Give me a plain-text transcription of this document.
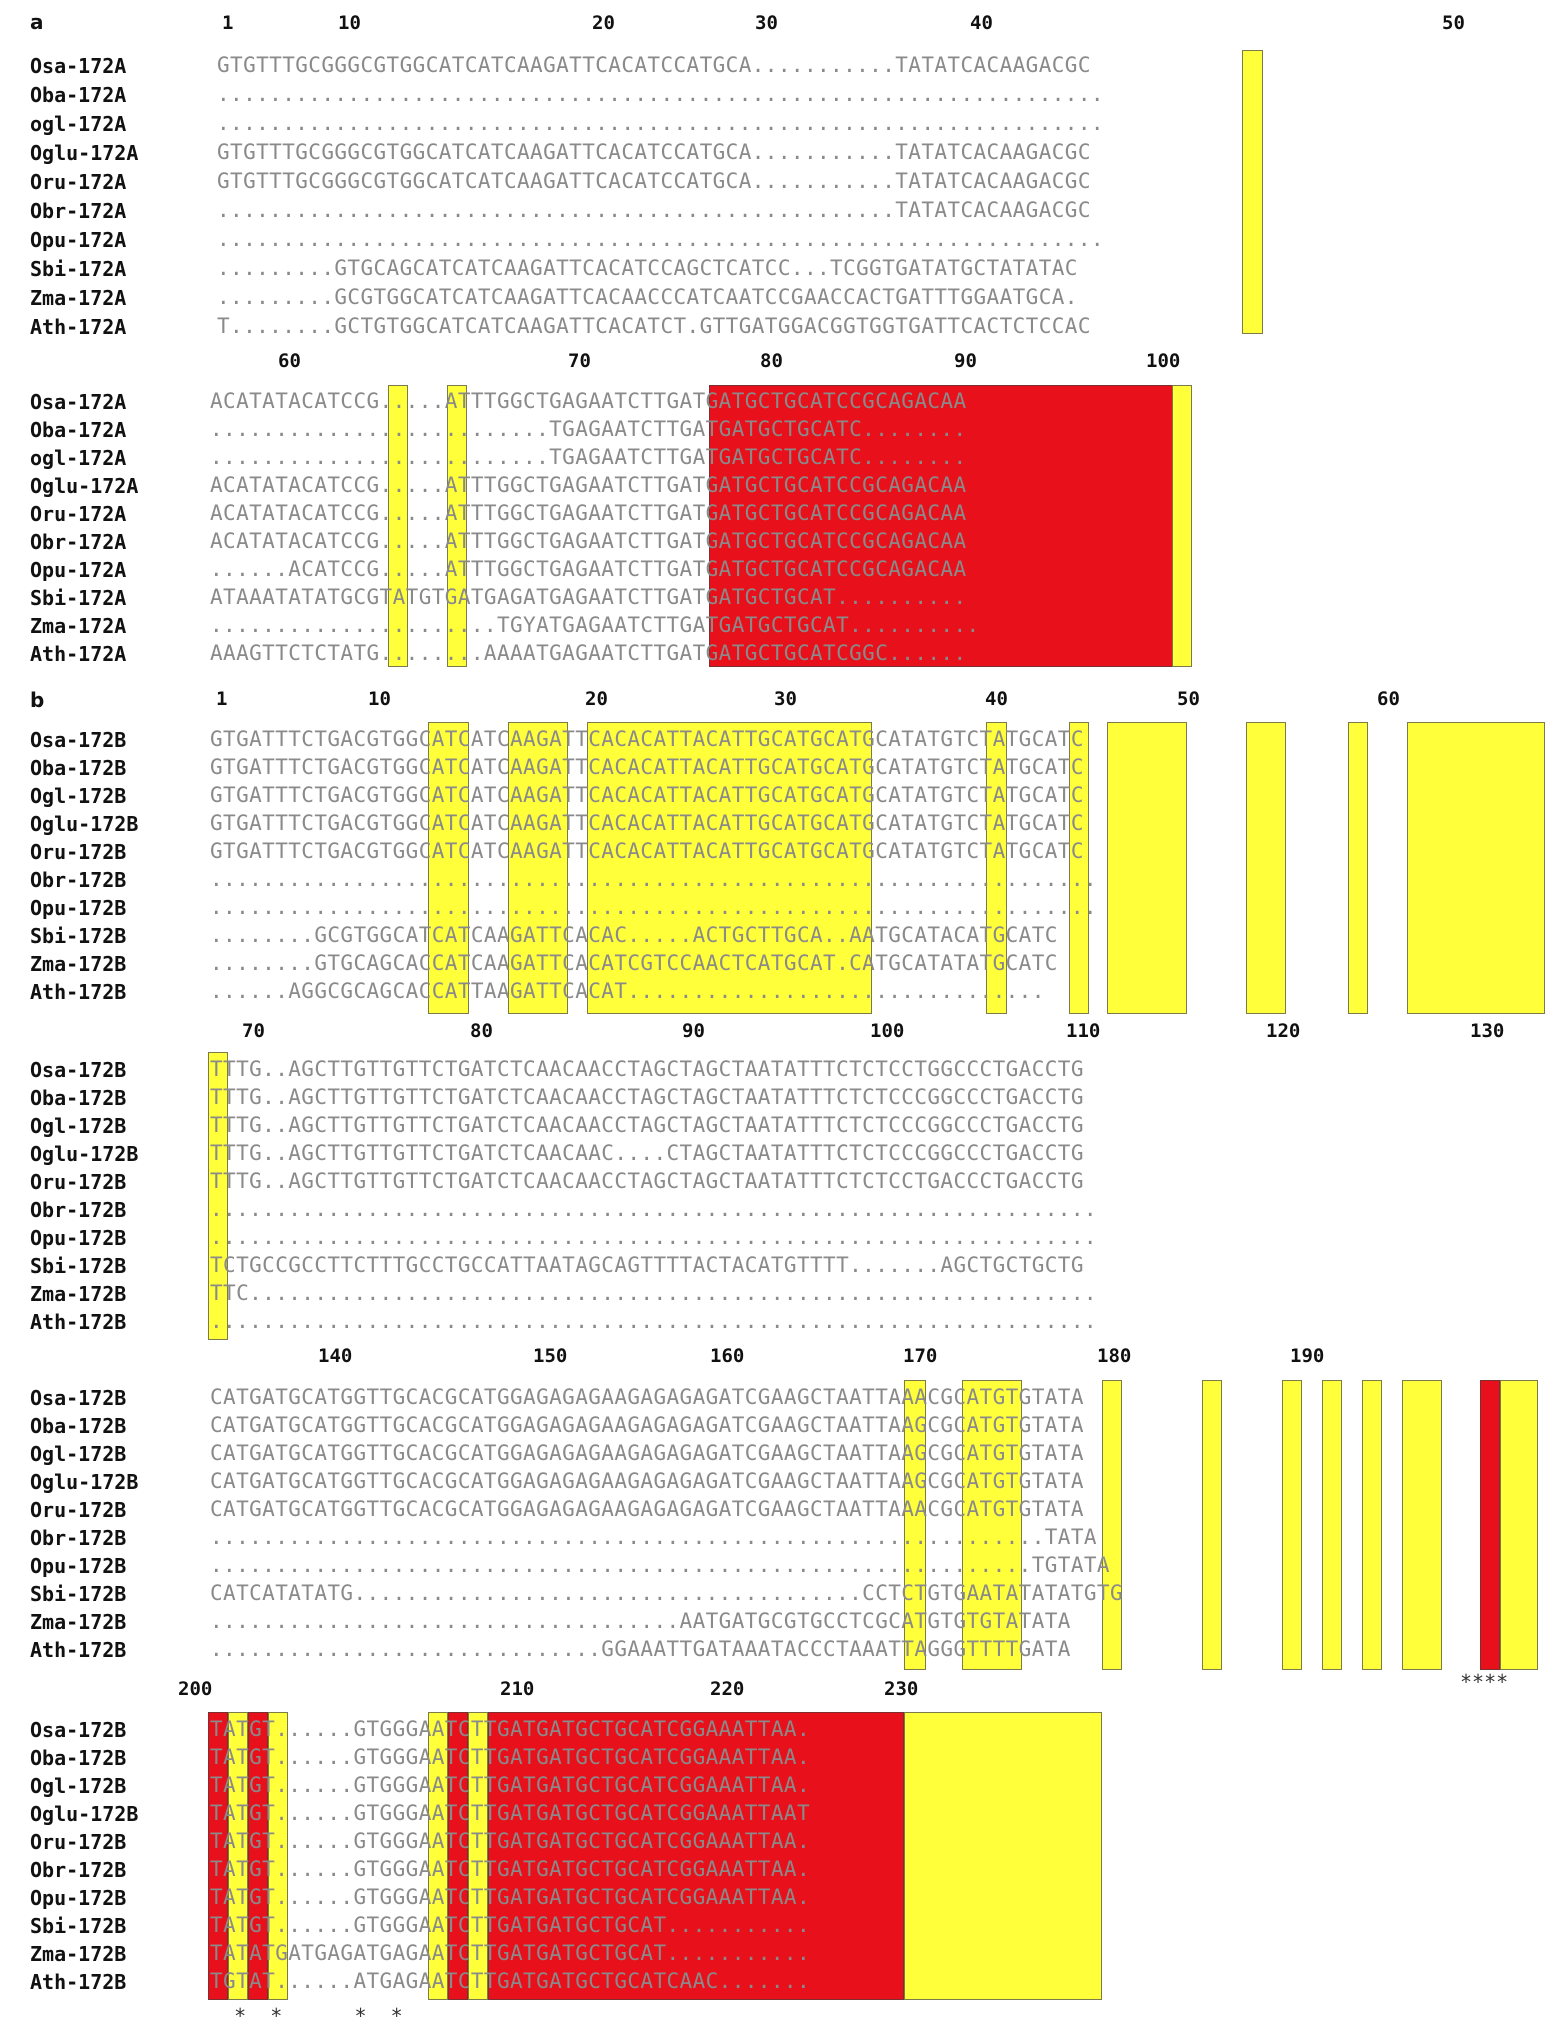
a	1	10	20	30	40	50
Osa-172A	GTGTTTGCGGGCGTGGCATCATCAAGATTCACATCCATGCA...........TATATCACAAGACGC
Oba-172A	....................................................................
ogl-172A	....................................................................
Oglu-172A	GTGTTTGCGGGCGTGGCATCATCAAGATTCACATCCATGCA...........TATATCACAAGACGC
Oru-172A	GTGTTTGCGGGCGTGGCATCATCAAGATTCACATCCATGCA...........TATATCACAAGACGC
Obr-172A	....................................................TATATCACAAGACGC
Opu-172A	....................................................................
Sbi-172A	.........GTGCAGCATCATCAAGATTCACATCCAGCTCATCC...TCGGTGATATGCTATATAC
Zma-172A	.........GCGTGGCATCATCAAGATTCACAACCCATCAATCCGAACCACTGATTTGGAATGCA.
Ath-172A	T........GCTGTGGCATCATCAAGATTCACATCT.GTTGATGGACGGTGGTGATTCACTCTCCAC
60	70	80	90	100
Osa-172A	ACATATACATCCG.....ATTTGGCTGAGAATCTTGATGATGCTGCATCCGCAGACAA
Oba-172A	..........................TGAGAATCTTGATGATGCTGCATC........
ogl-172A	..........................TGAGAATCTTGATGATGCTGCATC........
Oglu-172A	ACATATACATCCG.....ATTTGGCTGAGAATCTTGATGATGCTGCATCCGCAGACAA
Oru-172A	ACATATACATCCG.....ATTTGGCTGAGAATCTTGATGATGCTGCATCCGCAGACAA
Obr-172A	ACATATACATCCG.....ATTTGGCTGAGAATCTTGATGATGCTGCATCCGCAGACAA
Opu-172A	......ACATCCG.....ATTTGGCTGAGAATCTTGATGATGCTGCATCCGCAGACAA
Sbi-172A	ATAAATATATGCGTATGTGATGAGATGAGAATCTTGATGATGCTGCAT..........
Zma-172A	......................TGYATGAGAATCTTGATGATGCTGCAT..........
Ath-172A	AAAGTTCTCTATG........AAAATGAGAATCTTGATGATGCTGCATCGGC......
b	1	10	20	30	40	50	60
Osa-172B	GTGATTTCTGACGTGGCATCATCAAGATTCACACATTACATTGCATGCATGCATATGTCTATGCATC
Oba-172B	GTGATTTCTGACGTGGCATCATCAAGATTCACACATTACATTGCATGCATGCATATGTCTATGCATC
Ogl-172B	GTGATTTCTGACGTGGCATCATCAAGATTCACACATTACATTGCATGCATGCATATGTCTATGCATC
Oglu-172B	GTGATTTCTGACGTGGCATCATCAAGATTCACACATTACATTGCATGCATGCATATGTCTATGCATC
Oru-172B	GTGATTTCTGACGTGGCATCATCAAGATTCACACATTACATTGCATGCATGCATATGTCTATGCATC
Obr-172B	....................................................................
Opu-172B	....................................................................
Sbi-172B	........GCGTGGCATCATCAAGATTCACAC.....ACTGCTTGCA..AATGCATACATGCATC
Zma-172B	........GTGCAGCACCATCAAGATTCACATCGTCCAACTCATGCAT.CATGCATATATGCATC
Ath-172B	......AGGCGCAGCACCATTAAGATTCACAT................................
70	80	90	100	110	120	130
Osa-172B	TTTG..AGCTTGTTGTTCTGATCTCAACAACCTAGCTAGCTAATATTTCTCTCCTGGCCCTGACCTG
Oba-172B	TTTG..AGCTTGTTGTTCTGATCTCAACAACCTAGCTAGCTAATATTTCTCTCCCGGCCCTGACCTG
Ogl-172B	TTTG..AGCTTGTTGTTCTGATCTCAACAACCTAGCTAGCTAATATTTCTCTCCCGGCCCTGACCTG
Oglu-172B	TTTG..AGCTTGTTGTTCTGATCTCAACAAC....CTAGCTAATATTTCTCTCCCGGCCCTGACCTG
Oru-172B	TTTG..AGCTTGTTGTTCTGATCTCAACAACCTAGCTAGCTAATATTTCTCTCCTGACCCTGACCTG
Obr-172B	....................................................................
Opu-172B	....................................................................
Sbi-172B	TCTGCCGCCTTCTTTGCCTGCCATTAATAGCAGTTTTACTACATGTTTT.......AGCTGCTGCTG
Zma-172B	TTC.................................................................
Ath-172B	....................................................................
140	150	160	170	180	190
Osa-172B	CATGATGCATGGTTGCACGCATGGAGAGAGAAGAGAGAGATCGAAGCTAATTAAACGCATGTGTATA
Oba-172B	CATGATGCATGGTTGCACGCATGGAGAGAGAAGAGAGAGATCGAAGCTAATTAAGCGCATGTGTATA
Ogl-172B	CATGATGCATGGTTGCACGCATGGAGAGAGAAGAGAGAGATCGAAGCTAATTAAGCGCATGTGTATA
Oglu-172B	CATGATGCATGGTTGCACGCATGGAGAGAGAAGAGAGAGATCGAAGCTAATTAAGCGCATGTGTATA
Oru-172B	CATGATGCATGGTTGCACGCATGGAGAGAGAAGAGAGAGATCGAAGCTAATTAAACGCATGTGTATA
Obr-172B	................................................................TATA
Opu-172B	...............................................................TGTATA
Sbi-172B	CATCATATATG.......................................CCTCTGTGAATATATATGTG
Zma-172B	....................................AATGATGCGTGCCTCGCATGTGTGTATATA
Ath-172B	..............................GGAAATTGATAAATACCCTAAATTAGGGTTTTGATA
****
200	210	220	230
Osa-172B	TATGT......GTGGGAATCTTGATGATGCTGCATCGGAAATTAA.
Oba-172B	TATGT......GTGGGAATCTTGATGATGCTGCATCGGAAATTAA.
Ogl-172B	TATGT......GTGGGAATCTTGATGATGCTGCATCGGAAATTAA.
Oglu-172B	TATGT......GTGGGAATCTTGATGATGCTGCATCGGAAATTAAT
Oru-172B	TATGT......GTGGGAATCTTGATGATGCTGCATCGGAAATTAA.
Obr-172B	TATGT......GTGGGAATCTTGATGATGCTGCATCGGAAATTAA.
Opu-172B	TATGT......GTGGGAATCTTGATGATGCTGCATCGGAAATTAA.
Sbi-172B	TATGT......GTGGGAATCTTGATGATGCTGCAT...........
Zma-172B	TATATGATGAGATGAGAATCTTGATGATGCTGCAT...........
Ath-172B	TGTAT......ATGAGAATCTTGATGATGCTGCATCAAC.......
*  *      *  *
